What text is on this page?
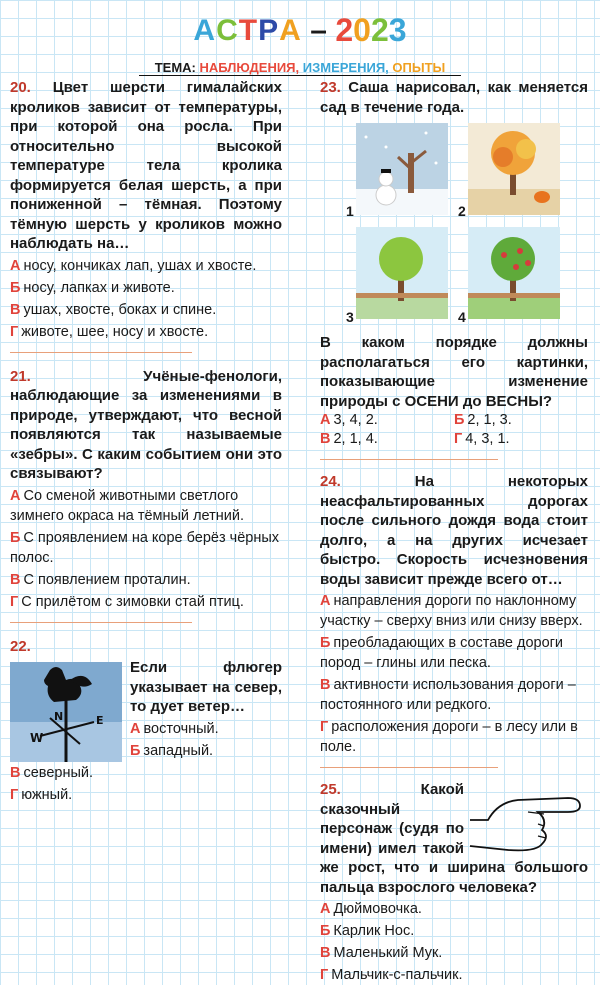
АСТРА – 2023
ТЕМА: НАБЛЮДЕНИЯ, ИЗМЕРЕНИЯ, ОПЫТЫ

20. Цвет шерсти гималайских кроликов зависит от температуры, при которой она росла. При относительно высокой температуре тела кролика формируется белая шерсть, а при пониженной – тёмная. Поэтому тёмную шерсть у кроликов можно наблюдать на…

А носу, кончиках лап, ушах и хвосте.

Б носу, лапках и животе.

В ушах, хвосте, боках и спине.

Г животе, шее, носу и хвосте.

21.	Учёные-фенологи, наблюдающие за изменениями в природе, утверждают, что весной появляются так называемые «зебры». С каким событием они это связывают?

А Со сменой животными светлого зимнего окраса на тёмный летний.

Б С проявлением на коре берёз чёрных полос.

В С появлением проталин.

Г С прилётом с зимовки стай птиц.

22.

W
E
N

Если флюгер указывает на север, то дует ветер…

А восточный.

Б западный.

В северный.

Г южный.

23. Саша нарисовал, как меняется сад в течение года.

1	2
3	4

В каком порядке должны располагаться его картинки, показывающие изменение природы с ОСЕНИ до ВЕСНЫ?

А 3, 4, 2.	Б 2, 1, 3.
В 2, 1, 4.	Г 4, 3, 1.

24.	На некоторых неасфальтированных дорогах после сильного дождя вода стоит долго, а на других исчезает быстро. Скорость исчезновения воды зависит прежде всего от…

А направления дороги по наклонному участку – сверху вниз или снизу вверх.

Б преобладающих в составе дороги пород – глины или песка.

В активности использования дороги – постоянного или редкого.

Г расположения дороги – в лесу или в поле.

25.	Какой сказочный персонаж (судя по имени) имел такой же рост, что и ширина большого пальца взрослого человека?

А Дюймовочка.

Б Карлик Нос.

В Маленький Мук.

Г Мальчик-с-пальчик.
